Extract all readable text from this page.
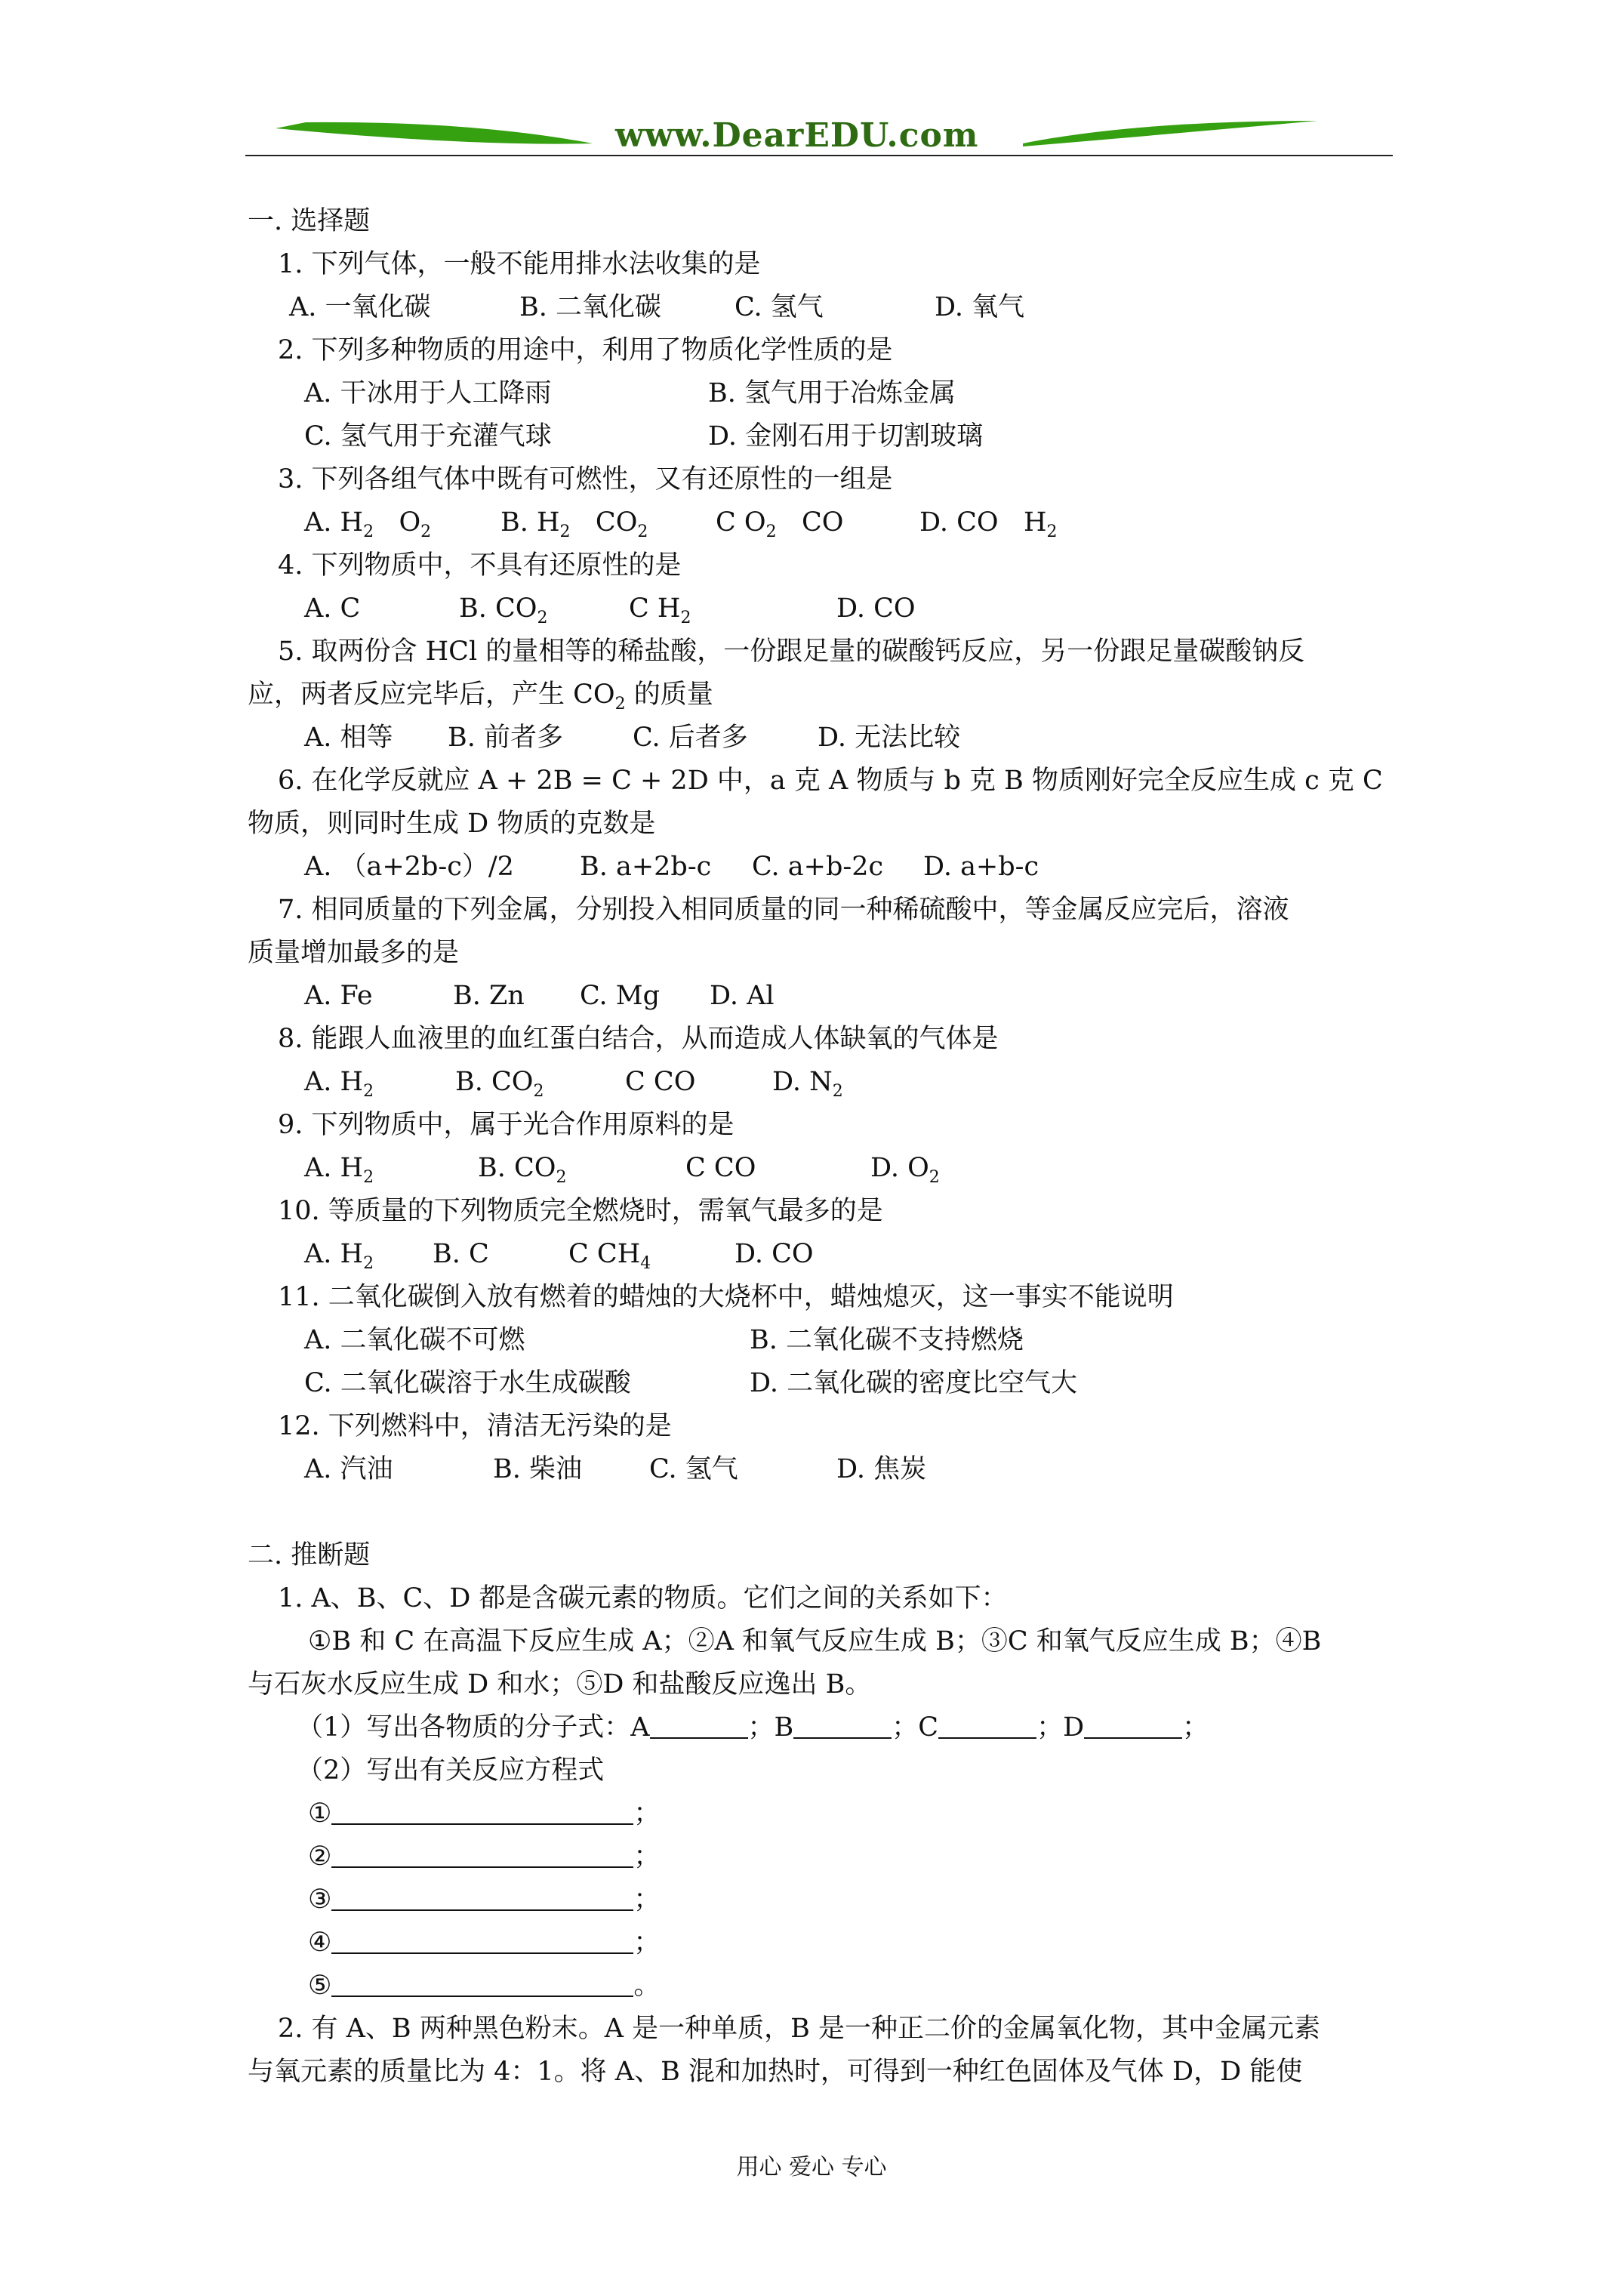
www.DearEDU.com
一. 选择题
1. 下列气体，一般不能用排水法收集的是
A. 一氧化碳	B. 二氧化碳	C. 氢气	D. 氧气
2. 下列多种物质的用途中，利用了物质化学性质的是
A. 干冰用于人工降雨	B. 氢气用于冶炼金属
C. 氢气用于充灌气球	D. 金刚石用于切割玻璃
3. 下列各组气体中既有可燃性，又有还原性的一组是
A. $H_2$ $O_2$	B. $H_2$ $CO_2$	C $O_2$ CO	D. CO $H_2$
4. 下列物质中，不具有还原性的是
A. C	B. $CO_2$	C $H_2$	D. CO
5. 取两份含 HCl 的量相等的稀盐酸，一份跟足量的碳酸钙反应，另一份跟足量碳酸钠反
应，两者反应完毕后，产生 $CO_2$ 的质量
A. 相等 B. 前者多	C. 后者多	D. 无法比较
6. 在化学反就应 A + 2B = C + 2D 中，a 克 A 物质与 b 克 B 物质刚好完全反应生成 c 克 C
物质，则同时生成 D 物质的克数是
A. （a+2b-c）/2 B. a+2b-c C. a+b-2c D. a+b-c
7. 相同质量的下列金属，分别投入相同质量的同一种稀硫酸中，等金属反应完后，溶液
质量增加最多的是
A. Fe	B. Zn C. Mg D. Al
8. 能跟人血液里的血红蛋白结合，从而造成人体缺氧的气体是
A. $H_2$	B. $CO_2$	C CO	D. $N_2$
9. 下列物质中，属于光合作用原料的是
A. $H_2$	B. $CO_2$	C CO	D. $O_2$
10. 等质量的下列物质完全燃烧时，需氧气最多的是
A. $H_2$ B. C	C $CH_4$	D. CO
11. 二氧化碳倒入放有燃着的蜡烛的大烧杯中，蜡烛熄灭，这一事实不能说明
A. 二氧化碳不可燃	B. 二氧化碳不支持燃烧
C. 二氧化碳溶于水生成碳酸	D. 二氧化碳的密度比空气大
12. 下列燃料中，清洁无污染的是
A. 汽油	B. 柴油	C. 氢气	D. 焦炭
二. 推断题
1. A、B、C、D 都是含碳元素的物质。它们之间的关系如下：
①B 和 C 在高温下反应生成 A；②A 和氧气反应生成 B；③C 和氧气反应生成 B；④B
与石灰水反应生成 D 和水；⑤D 和盐酸反应逸出 B。
（1）写出各物质的分子式：A	；B	；C	；D	；
（2）写出有关反应方程式
①	；
②	；
③	；
④	；
⑤	。
2. 有 A、B 两种黑色粉末。A 是一种单质，B 是一种正二价的金属氧化物，其中金属元素
与氧元素的质量比为 4：1。将 A、B 混和加热时，可得到一种红色固体及气体 D，D 能使
用心 爱心 专心
